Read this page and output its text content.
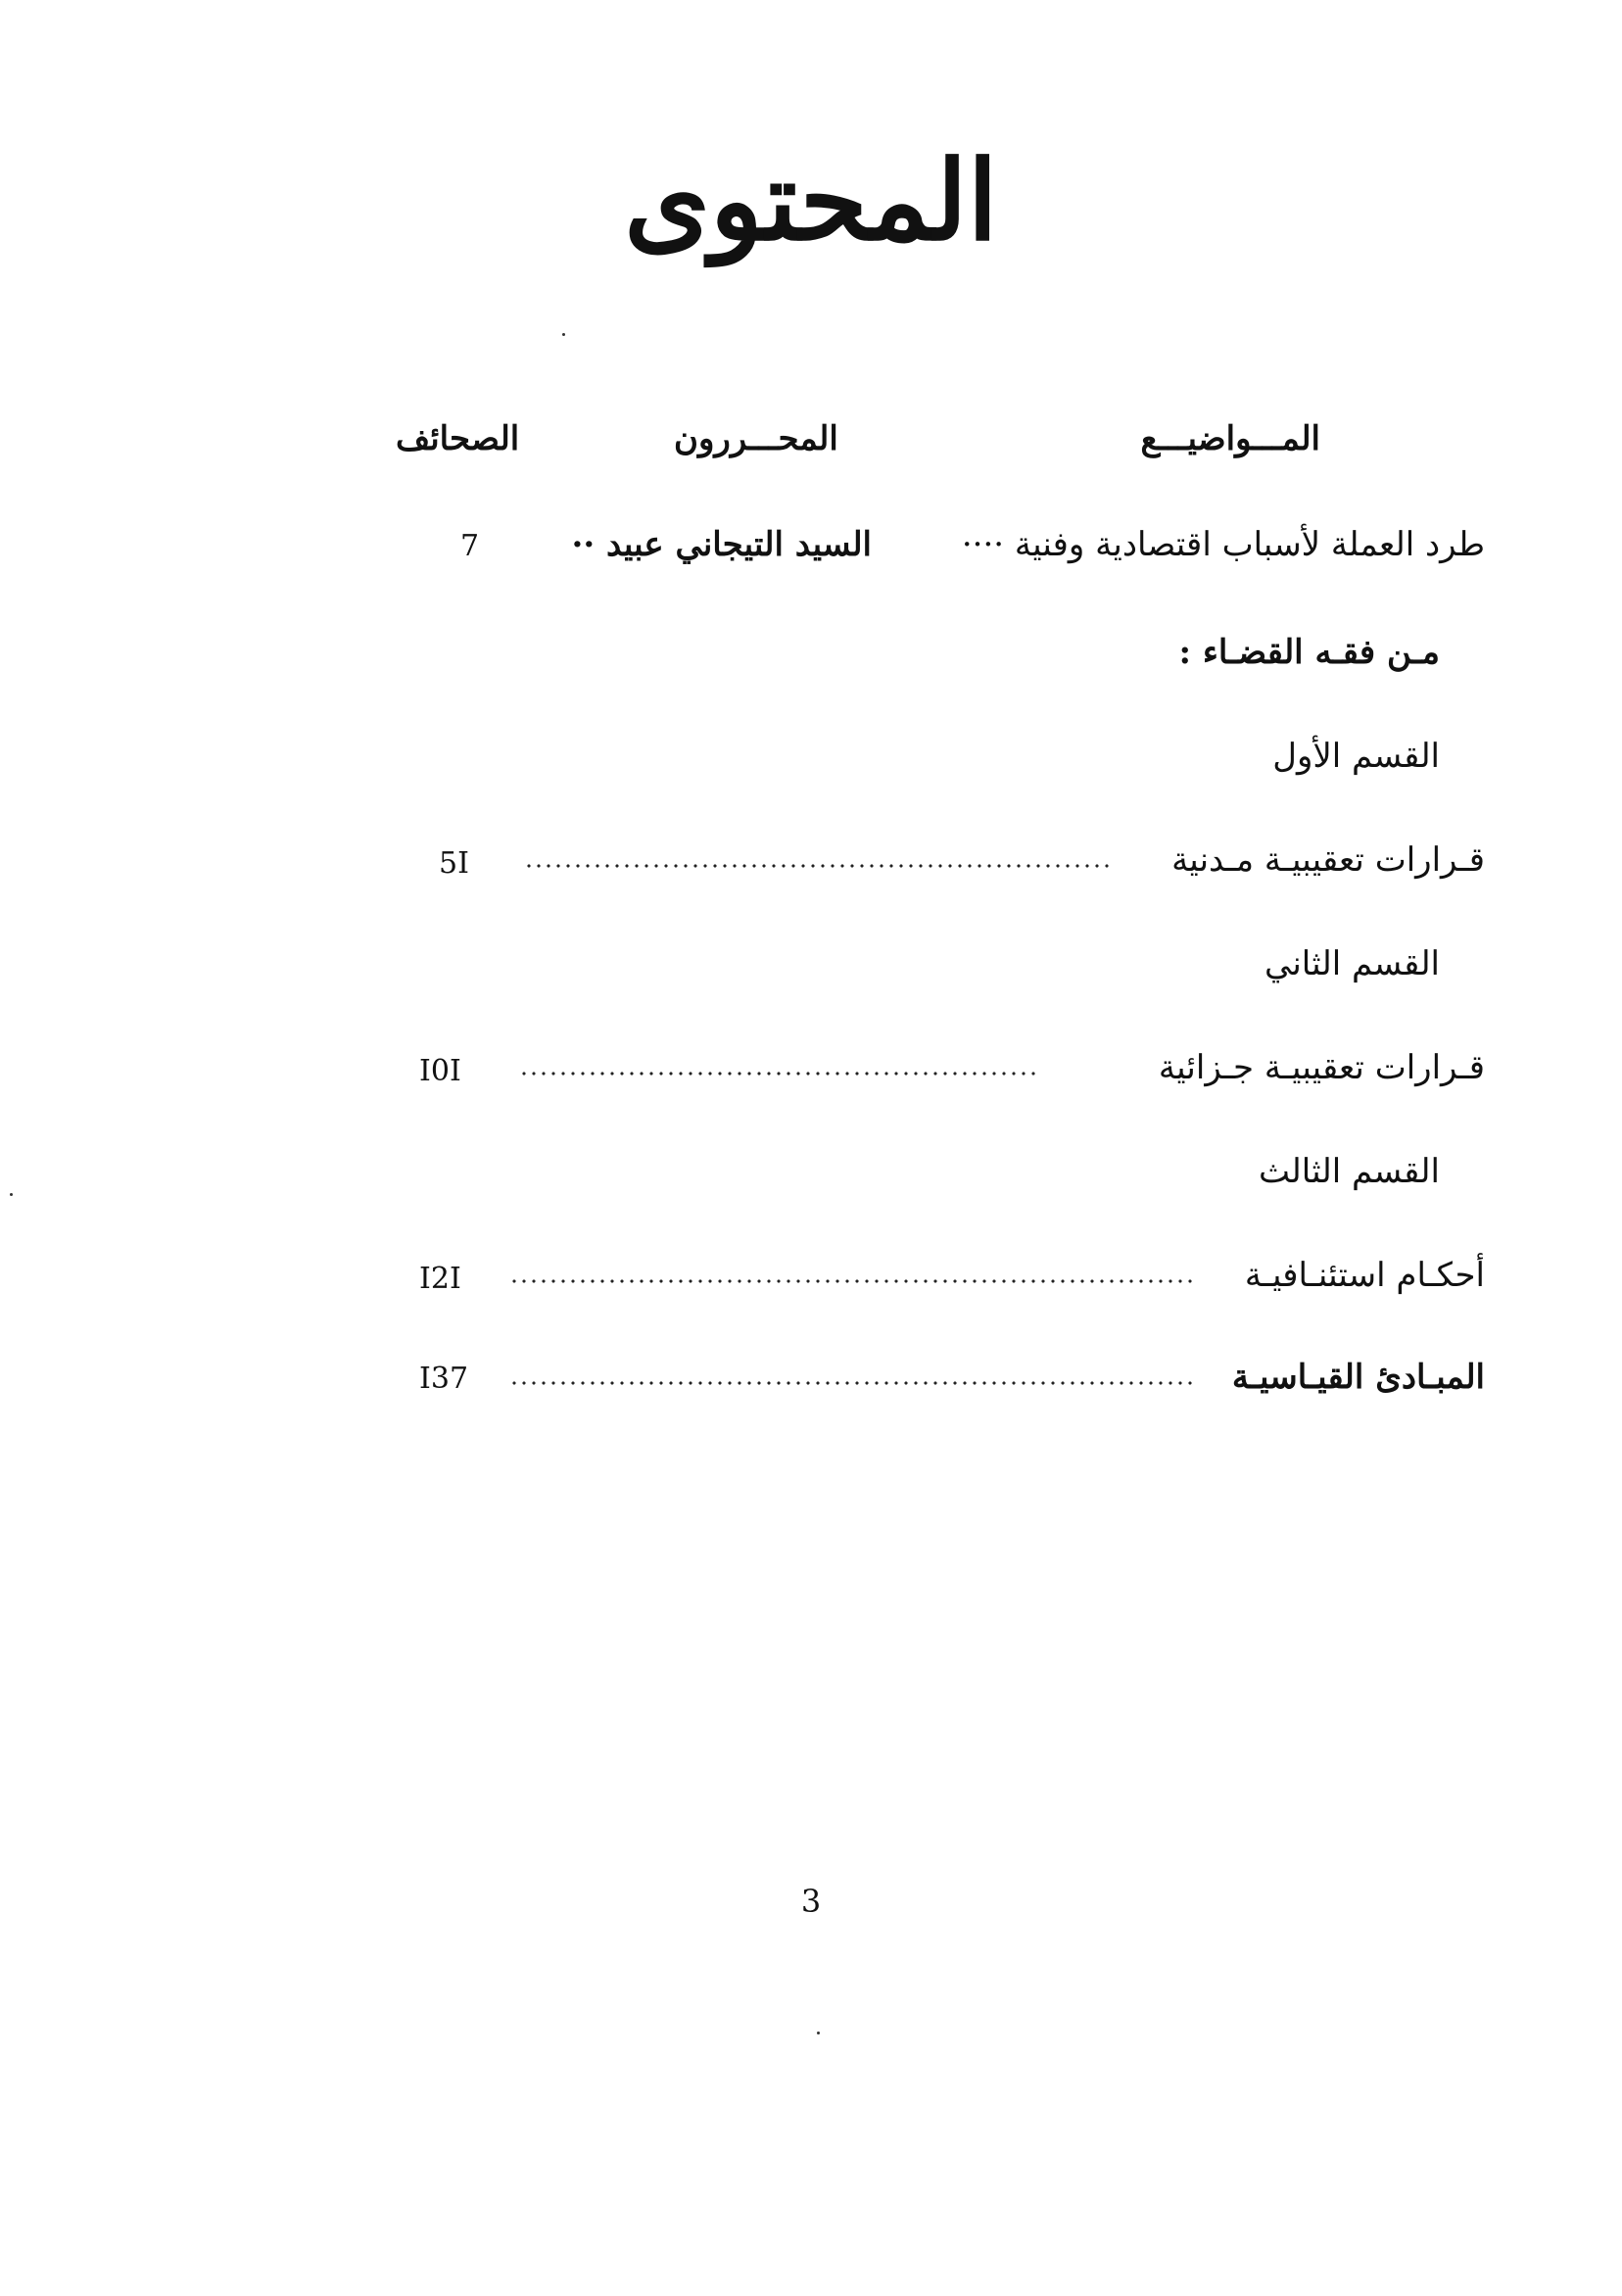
المحتوى
المـــواضيـــع
المحـــررون
الصحائف
طرد العملة لأسباب اقتصادية وفنية ····
السيد التيجاني عبيد ··
7
مـن فقـه القضـاء :
القسم الأول
قـرارات تعقيبيـة مـدنية
5I
القسم الثاني
قـرارات تعقيبيـة جـزائية
I0I
القسم الثالث
أحكـام استئنـافيـة
I2I
المبـادئ القيـاسيـة
I37
3
